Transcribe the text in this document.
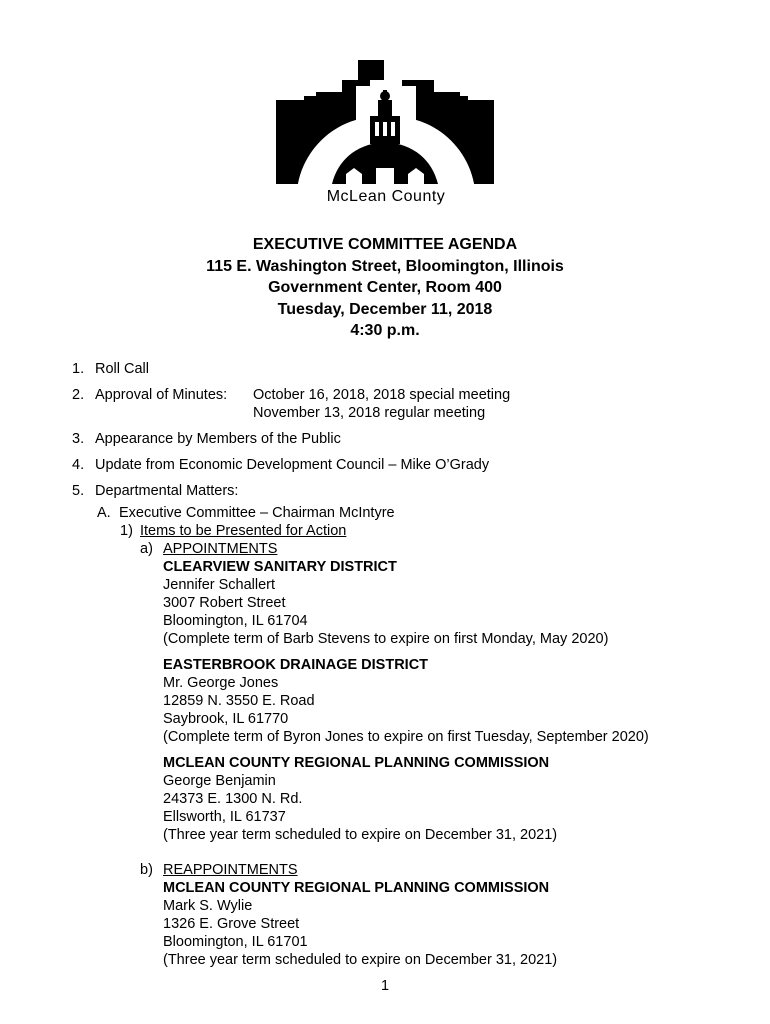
McLean County
EXECUTIVE COMMITTEE AGENDA
115 E. Washington Street, Bloomington, Illinois
Government Center, Room 400
Tuesday, December 11, 2018
4:30 p.m.
1. Roll Call
2. Approval of Minutes:	October 16, 2018, 2018 special meeting
November 13, 2018 regular meeting
3. Appearance by Members of the Public
4. Update from Economic Development Council – Mike O’Grady
5. Departmental Matters:
A. Executive Committee – Chairman McIntyre
1) Items to be Presented for Action
a) APPOINTMENTS
CLEARVIEW SANITARY DISTRICT
Jennifer Schallert
3007 Robert Street
Bloomington, IL 61704
(Complete term of Barb Stevens to expire on first Monday, May 2020)
EASTERBROOK DRAINAGE DISTRICT
Mr. George Jones
12859 N. 3550 E. Road
Saybrook, IL 61770
(Complete term of Byron Jones to expire on first Tuesday, September 2020)
MCLEAN COUNTY REGIONAL PLANNING COMMISSION
George Benjamin
24373 E. 1300 N. Rd.
Ellsworth, IL 61737
(Three year term scheduled to expire on December 31, 2021)
b) REAPPOINTMENTS
MCLEAN COUNTY REGIONAL PLANNING COMMISSION
Mark S. Wylie
1326 E. Grove Street
Bloomington, IL 61701
(Three year term scheduled to expire on December 31, 2021)
1
